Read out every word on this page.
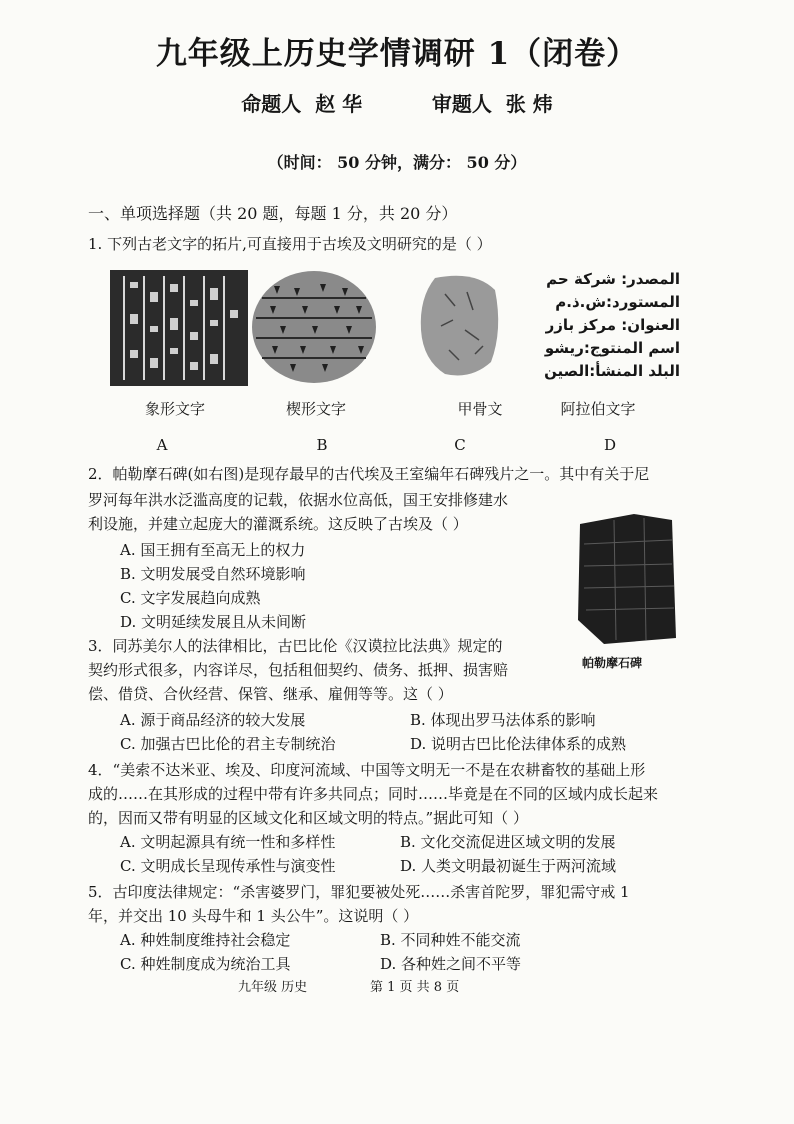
九年级上历史学情调研 1（闭卷）
命题人  赵 华          审题人  张 炜
（时间： 50 分钟，满分： 50 分）
一、单项选择题（共 20 题，每题 1 分，共 20 分）
1. 下列古老文字的拓片,可直接用于古埃及文明研究的是（ ）
المصدر: شركة حم
المستورد:ش.ذ.م
العنوان: مركز بازر
اسم المنتوج:ريشو
البلد المنشأ:الصين
象形文字	楔形文字	甲骨文	阿拉伯文字
A	B	C	D
2．帕勒摩石碑(如右图)是现存最早的古代埃及王室编年石碑残片之一。其中有关于尼
罗河每年洪水泛滥高度的记载，依据水位高低，国王安排修建水
利设施，并建立起庞大的灌溉系统。这反映了古埃及（ ）
A. 国王拥有至高无上的权力
B. 文明发展受自然环境影响
C. 文字发展趋向成熟
D. 文明延续发展且从未间断
帕勒摩石碑
3．同苏美尔人的法律相比，古巴比伦《汉谟拉比法典》规定的
契约形式很多，内容详尽，包括租佃契约、债务、抵押、损害赔
偿、借贷、合伙经营、保管、继承、雇佣等等。这（ ）
A. 源于商品经济的较大发展	B. 体现出罗马法体系的影响
C. 加强古巴比伦的君主专制统治	D. 说明古巴比伦法律体系的成熟
4．“美索不达米亚、埃及、印度河流域、中国等文明无一不是在农耕畜牧的基础上形
成的……在其形成的过程中带有许多共同点；同时……毕竟是在不同的区域内成长起来
的，因而又带有明显的区域文化和区域文明的特点。”据此可知（ ）
A. 文明起源具有统一性和多样性	B. 文化交流促进区域文明的发展
C. 文明成长呈现传承性与演变性	D. 人类文明最初诞生于两河流域
5．古印度法律规定：“杀害婆罗门，罪犯要被处死……杀害首陀罗，罪犯需守戒 1
年，并交出 10 头母牛和 1 头公牛”。这说明（ ）
A. 种姓制度维持社会稳定	B. 不同种姓不能交流
C. 种姓制度成为统治工具	D. 各种姓之间不平等
九年级 历史	第 1 页 共 8 页
